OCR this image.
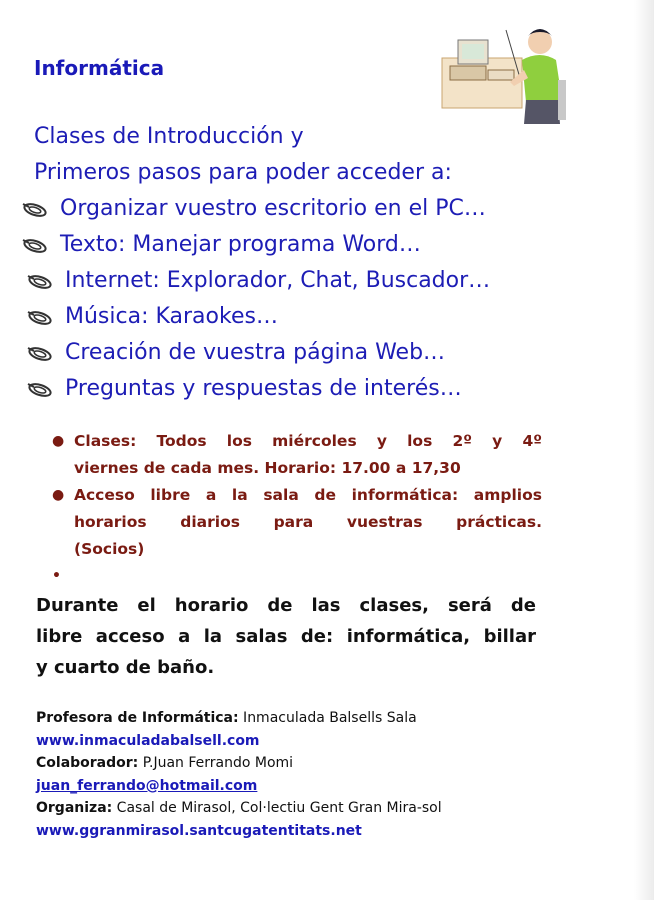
Informática
Clases de Introducción y
Primeros pasos para poder acceder a:
Organizar vuestro escritorio en el PC…
Texto: Manejar programa Word…
Internet: Explorador, Chat, Buscador…
Música: Karaokes…
Creación de vuestra página Web…
Preguntas y respuestas de interés…
● Clases: Todos los miércoles y los 2º y 4º
viernes de cada mes. Horario: 17.00 a 17,30
● Acceso libre a la sala de informática: amplios
horarios diarios para vuestras prácticas.
(Socios)
•
Durante el horario de las clases, será de
libre acceso a la salas de: informática, billar
y cuarto de baño.
Profesora de Informática: Inmaculada Balsells Sala
www.inmaculadabalsell.com
Colaborador: P.Juan Ferrando Momi
juan_ferrando@hotmail.com
Organiza: Casal de Mirasol, Col·lectiu Gent Gran Mira-sol
www.ggranmirasol.santcugatentitats.net
